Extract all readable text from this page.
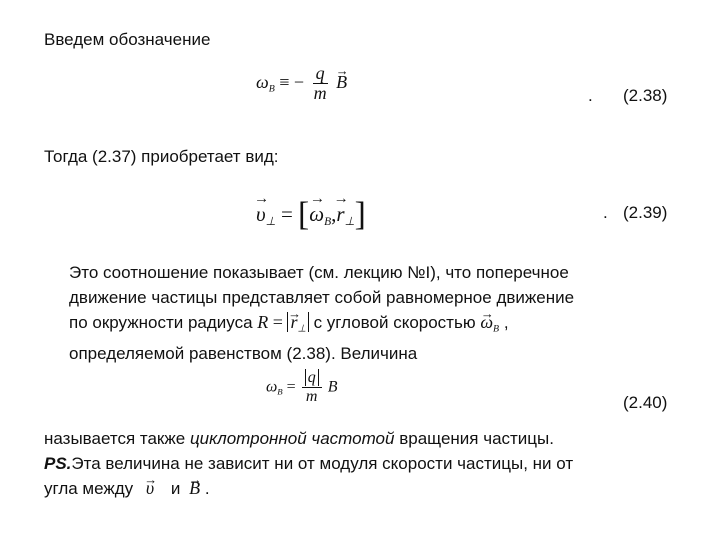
Введем обозначение
$\omega_B$ ≡ − $\frac{q}{m}$
→ B
. (2.38)
Тогда (2.37) приобретает вид:
→ $\upsilon_\perp$ = [→ $\omega_B,\to r_\perp$]	. (2.39)
Это соотношение показывает (см. лекцию №I), что поперечное
движение частицы представляет собой равномерное движение
по окружности радиуса R = → $r_\perp$ с угловой скоростью → $\omega_B$ ,
определяемой равенством (2.38). Величина
$\omega_B = \frac{q}{m}$ B
(2.40)
называется также циклотронной частотой вращения частицы.
PS.Эта величина не зависит ни от модуля скорости частицы, ни от
угла между → υ и → B .
